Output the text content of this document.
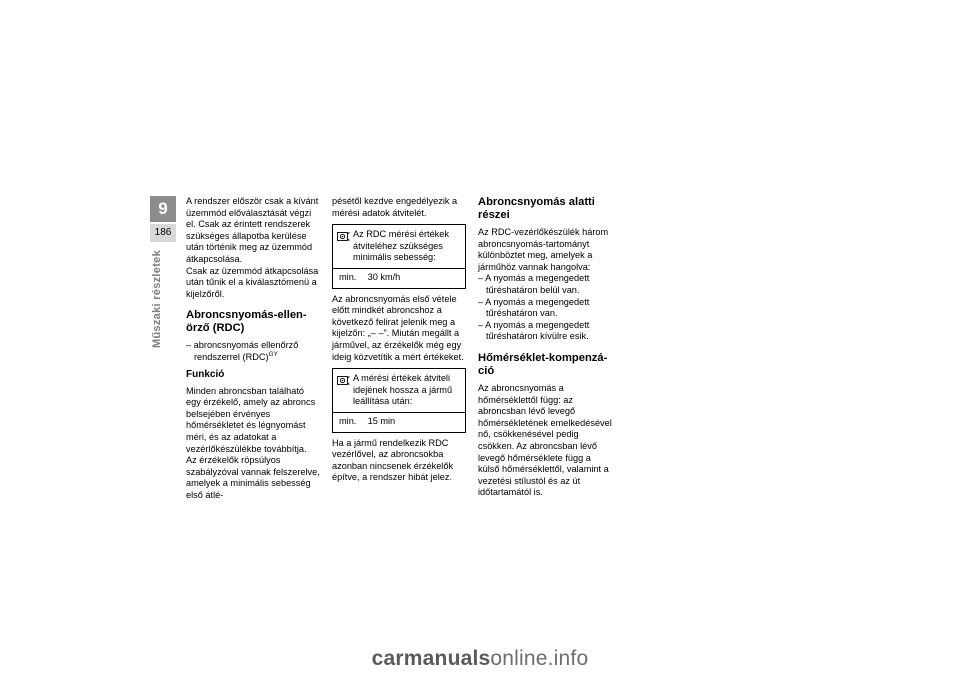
9
186
Műszaki részletek

A rendszer először csak a kívánt üzemmód előválasztását végzi el. Csak az érintett rendszerek szükséges állapotba kerülése után történik meg az üzemmód átkapcsolása.

Csak az üzemmód átkapcsolása után tűnik el a kiválasztómenü a kijelzőről.

Abroncsnyomás-ellen-örző (RDC)

– abroncsnyomás ellenőrző rendszerrel (RDC)$^{GY}$

Funkció

Minden abroncsban található egy érzékelő, amely az abroncs belsejében érvényes hőmérsékletet és légnyomást méri, és az adatokat a vezérlőkészülékbe továbbítja.

Az érzékelők röpsúlyos szabályzóval vannak felszerelve, amelyek a minimális sebesség első átlé-

pésétől kezdve engedélyezik a mérési adatok átvitelét.

Az RDC mérési értékek átviteléhez szükséges minimális sebesség:
min. 30 km/h

Az abroncsnyomás első vétele előtt mindkét abroncshoz a következő felirat jelenik meg a kijelzőn: „– –”. Miután megállt a járművel, az érzékelők még egy ideig közvetítik a mért értékeket.

A mérési értékek átviteli idejének hossza a jármű leállítása után:
min. 15 min

Ha a jármű rendelkezik RDC vezérlővel, az abroncsokba azonban nincsenek érzékelők építve, a rendszer hibát jelez.

Abroncsnyomás alatti részei

Az RDC-vezérlőkészülék három abroncsnyomás-tartományt különböztet meg, amelyek a járműhöz vannak hangolva:

– A nyomás a megengedett tűréshatáron belül van.

– A nyomás a megengedett tűréshatáron van.

– A nyomás a megengedett tűréshatáron kívülre esik.

Hőmérséklet-kompenzá-ció

Az abroncsnyomás a hőmérséklettől függ: az abroncsban lévő levegő hőmérsékletének emelkedésével nő, csökkenésével pedig csökken. Az abroncsban lévő levegő hőmérséklete függ a külső hőmérséklettől, valamint a vezetési stílustól és az út időtartamától is.

carmanualsonline.info
